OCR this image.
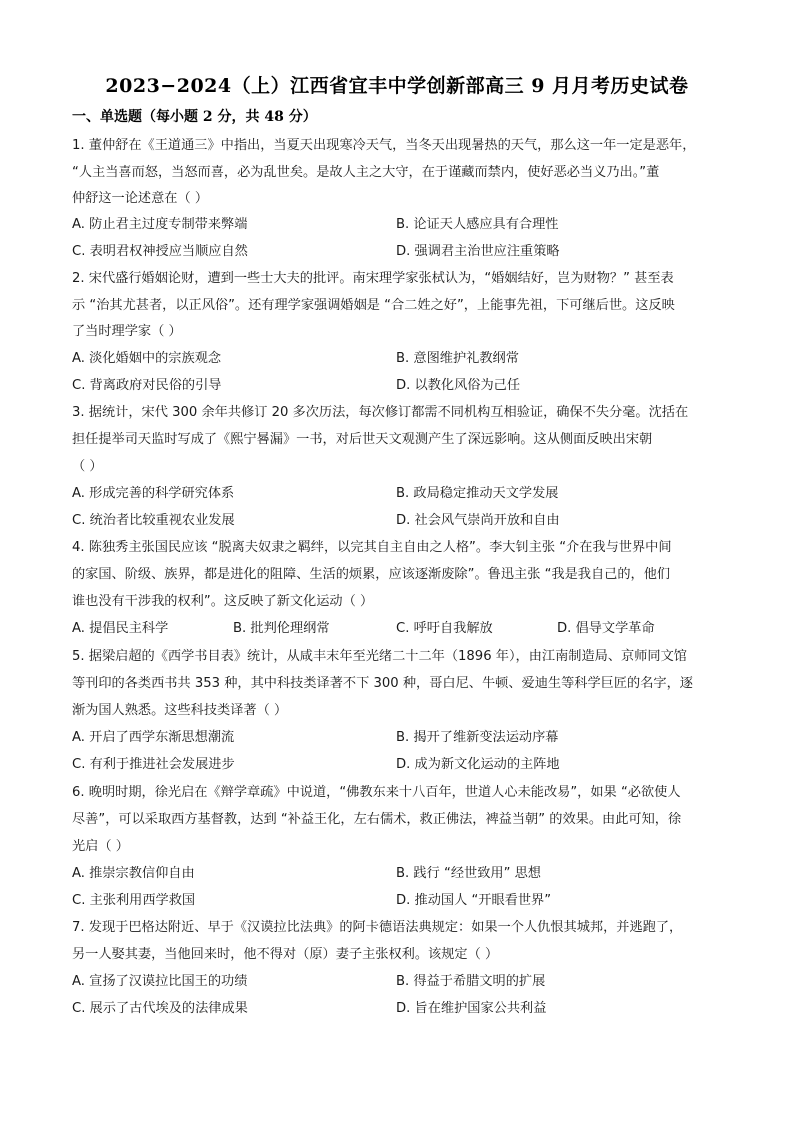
2023−2024（上）江西省宜丰中学创新部高三 9 月月考历史试卷
一、单选题（每小题 2 分，共 48 分）
1. 董仲舒在《王道通三》中指出，当夏天出现寒冷天气，当冬天出现暑热的天气，那么这一年一定是恶年，
“人主当喜而怒，当怒而喜，必为乱世矣。是故人主之大守，在于谨藏而禁内，使好恶必当义乃出。”董
仲舒这一论述意在（ ）
A. 防止君主过度专制带来弊端	B. 论证天人感应具有合理性
C. 表明君权神授应当顺应自然	D. 强调君主治世应注重策略
2. 宋代盛行婚姻论财，遭到一些士大夫的批评。南宋理学家张栻认为，“婚姻结好，岂为财物？” 甚至表
示 “治其尤甚者，以正风俗”。还有理学家强调婚姻是 “合二姓之好”，上能事先祖，下可继后世。这反映
了当时理学家（ ）
A. 淡化婚姻中的宗族观念	B. 意图维护礼教纲常
C. 背离政府对民俗的引导	D. 以教化风俗为己任
3. 据统计，宋代 300 余年共修订 20 多次历法，每次修订都需不同机构互相验证，确保不失分毫。沈括在
担任提举司天监时写成了《熙宁晷漏》一书，对后世天文观测产生了深远影响。这从侧面反映出宋朝
（ ）
A. 形成完善的科学研究体系	B. 政局稳定推动天文学发展
C. 统治者比较重视农业发展	D. 社会风气崇尚开放和自由
4. 陈独秀主张国民应该 “脱离夫奴隶之羁绊，以完其自主自由之人格”。李大钊主张 “介在我与世界中间
的家国、阶级、族界，都是进化的阻障、生活的烦累，应该逐渐废除”。鲁迅主张 “我是我自己的，他们
谁也没有干涉我的权利”。这反映了新文化运动（ ）
A. 提倡民主科学	B. 批判伦理纲常	C. 呼吁自我解放	D. 倡导文学革命
5. 据梁启超的《西学书目表》统计，从咸丰末年至光绪二十二年（1896 年），由江南制造局、京师同文馆
等刊印的各类西书共 353 种，其中科技类译著不下 300 种，哥白尼、牛顿、爱迪生等科学巨匠的名字，逐
渐为国人熟悉。这些科技类译著（ ）
A. 开启了西学东渐思想潮流	B. 揭开了维新变法运动序幕
C. 有利于推进社会发展进步	D. 成为新文化运动的主阵地
6. 晚明时期，徐光启在《辩学章疏》中说道，“佛教东来十八百年，世道人心未能改易”，如果 “必欲使人
尽善”，可以采取西方基督教，达到 “补益王化，左右儒术，救正佛法，裨益当朝” 的效果。由此可知，徐
光启（ ）
A. 推崇宗教信仰自由	B. 践行 “经世致用” 思想
C. 主张利用西学救国	D. 推动国人 “开眼看世界”
7. 发现于巴格达附近、早于《汉谟拉比法典》的阿卡德语法典规定：如果一个人仇恨其城邦，并逃跑了，
另一人娶其妻，当他回来时，他不得对（原）妻子主张权利。该规定（ ）
A. 宣扬了汉谟拉比国王的功绩	B. 得益于希腊文明的扩展
C. 展示了古代埃及的法律成果	D. 旨在维护国家公共利益
